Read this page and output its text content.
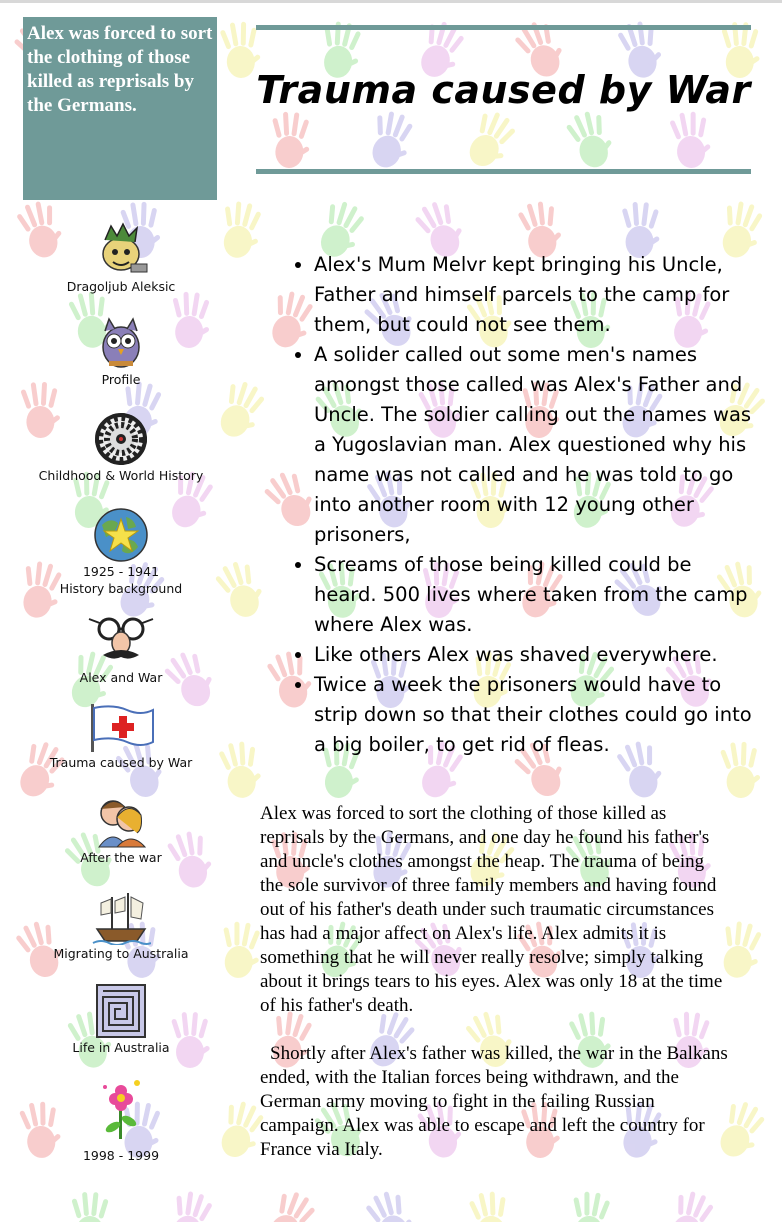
Alex was forced to sort the clothing of those killed as reprisals by the Germans.	Trauma caused by War
Dragoljub Aleksic
Profile
Childhood & World History
1925 - 1941
History background
Alex and War
Trauma caused by War
After the war
Migrating to Australia
Life in Australia
1998 - 1999
• Alex's Mum Melvr kept bringing his Uncle, Father and himself parcels to the camp for them, but could not see them.
• A solider called out some men's names amongst those called was Alex's Father and Uncle. The soldier calling out the names was a Yugoslavian man. Alex questioned why his name was not called and he was told to go into another room with 12 young other prisoners,
• Screams of those being killed could be heard. 500 lives where taken from the camp where Alex was.
• Like others Alex was shaved everywhere.
• Twice a week the prisoners would have to strip down so that their clothes could go into a big boiler, to get rid of fleas.

Alex was forced to sort the clothing of those killed as reprisals by the Germans, and one day he found his father's and uncle's clothes amongst the heap. The trauma of being the sole survivor of three family members and having found out of his father's death under such traumatic circumstances has had a major affect on Alex's life. Alex admits it is something that he will never really resolve; simply talking about it brings tears to his eyes. Alex was only 18 at the time of his father's death.

Shortly after Alex's father was killed, the war in the Balkans ended, with the Italian forces being withdrawn, and the German army moving to fight in the failing Russian campaign. Alex was able to escape and left the country for France via Italy.
